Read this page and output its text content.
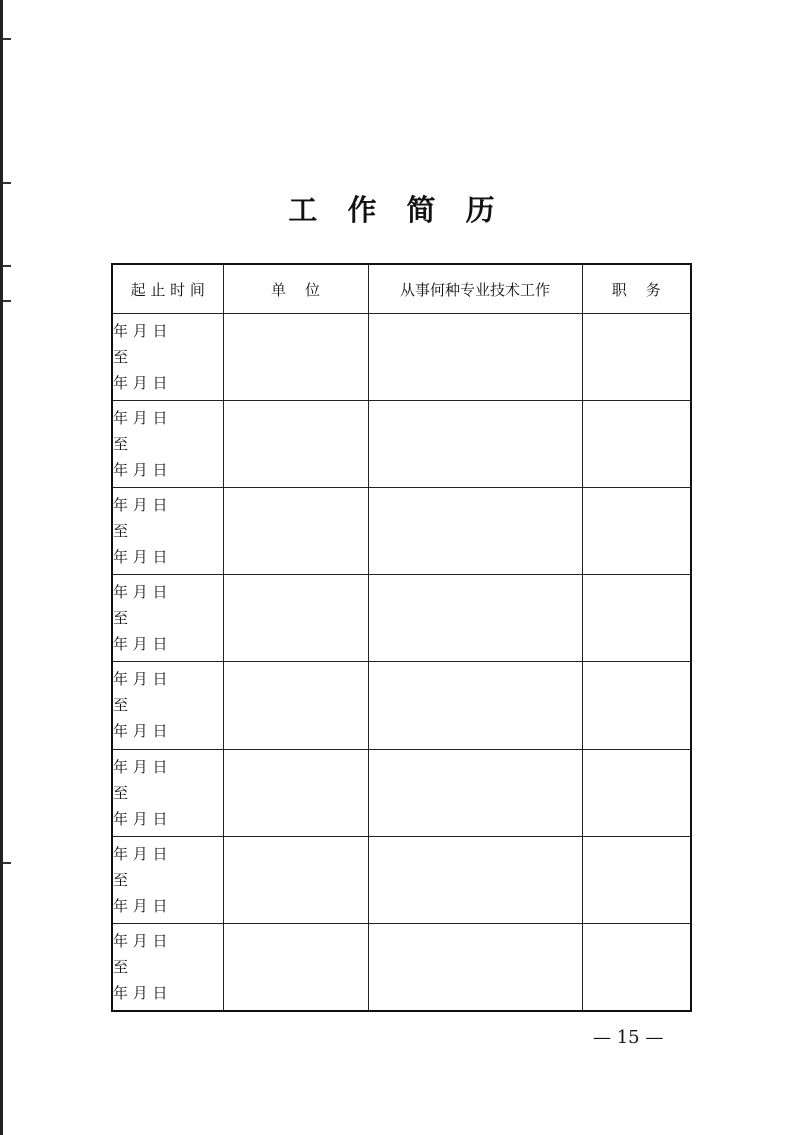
工 作 简 历
起 止 时 间	单    位	从事何种专业技术工作	职    务

年 月 日
至
年 月 日			

年 月 日
至
年 月 日			

年 月 日
至
年 月 日			

年 月 日
至
年 月 日			

年 月 日
至
年 月 日			

年 月 日
至
年 月 日			

年 月 日
至
年 月 日			

年 月 日
至
年 月 日			

— 15 —
